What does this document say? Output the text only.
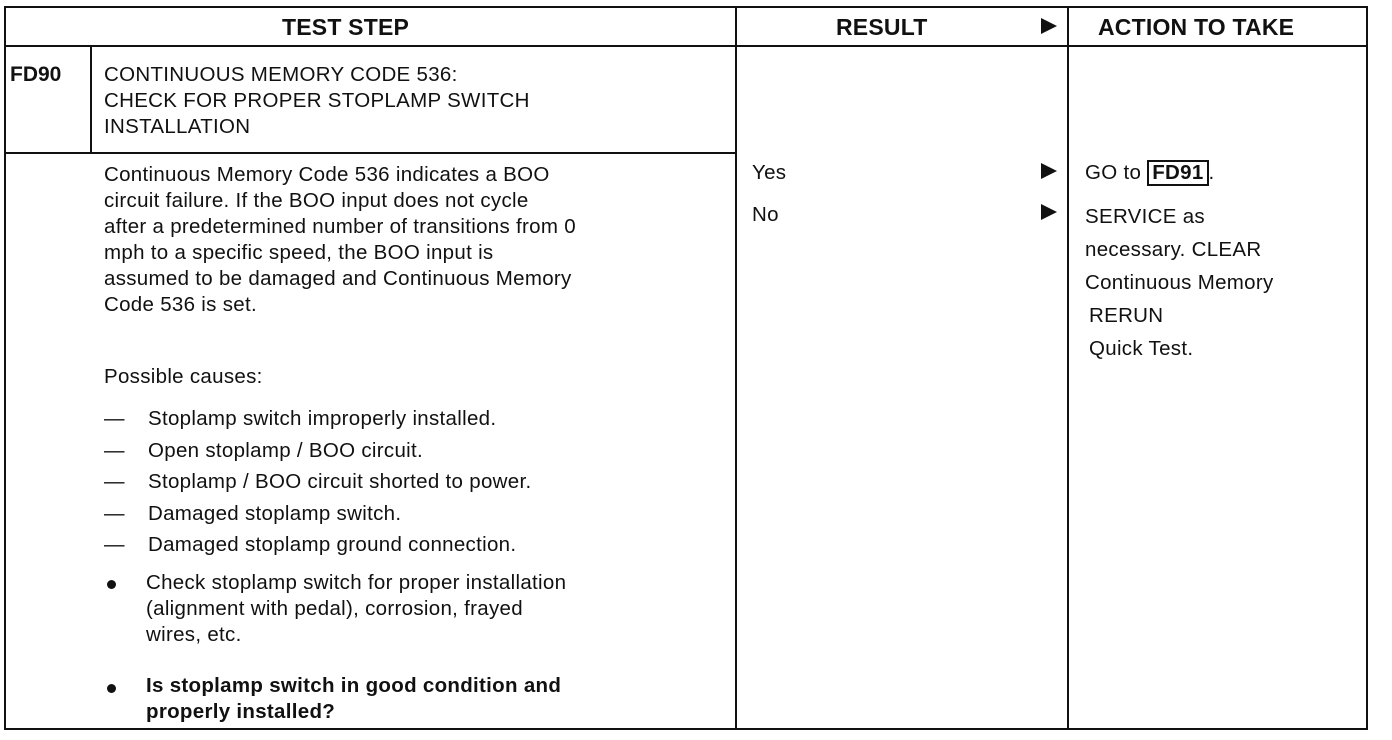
TEST STEP	RESULT	ACTION TO TAKE
FD90 CONTINUOUS MEMORY CODE 536:
CHECK FOR PROPER STOPLAMP SWITCH
INSTALLATION
Continuous Memory Code 536 indicates a BOO
circuit failure. If the BOO input does not cycle
after a predetermined number of transitions from 0
mph to a specific speed, the BOO input is
assumed to be damaged and Continuous Memory
Code 536 is set.
Possible causes:
— Stoplamp switch improperly installed.
— Open stoplamp / BOO circuit.
— Stoplamp / BOO circuit shorted to power.
— Damaged stoplamp switch.
— Damaged stoplamp ground connection.
Check stoplamp switch for proper installation
(alignment with pedal), corrosion, frayed
wires, etc.
Is stoplamp switch in good condition and
properly installed?
Yes
No
GO to FD91 .
SERVICE as
necessary. CLEAR
Continuous Memory
RERUN
Quick Test.
